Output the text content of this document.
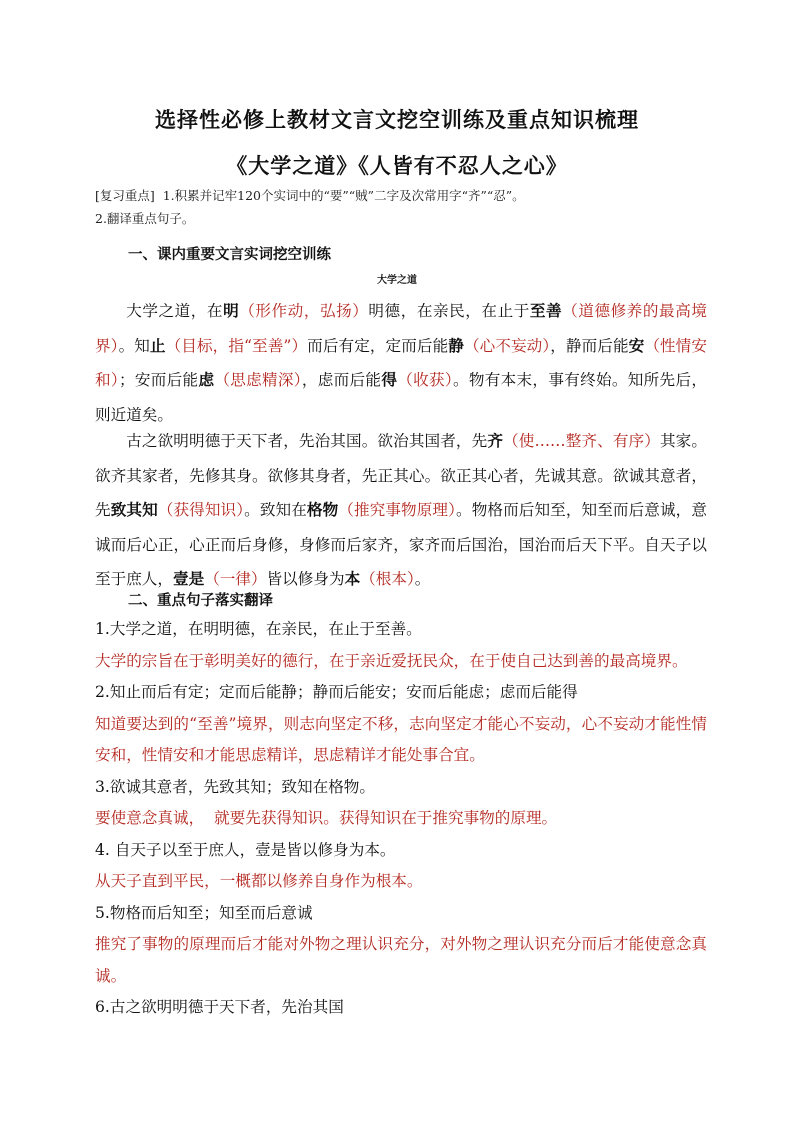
选择性必修上教材文言文挖空训练及重点知识梳理
《大学之道》《人皆有不忍人之心》
[复习重点] 1.积累并记牢120个实词中的“要”“贼”二字及次常用字“齐”“忍”。
2.翻译重点句子。
一、课内重要文言实词挖空训练
大学之道
大学之道，在明（形作动，弘扬）明德，在亲民，在止于至善（道德修养的最高境界）。知止（目标，指“至善”）而后有定，定而后能静（心不妄动），静而后能安（性情安和）；安而后能虑（思虑精深），虑而后能得（收获）。物有本末，事有终始。知所先后，则近道矣。
古之欲明明德于天下者，先治其国。欲治其国者，先齐（使……整齐、有序）其家。欲齐其家者，先修其身。欲修其身者，先正其心。欲正其心者，先诚其意。欲诚其意者，先致其知（获得知识）。致知在格物（推究事物原理）。物格而后知至，知至而后意诚，意诚而后心正，心正而后身修，身修而后家齐，家齐而后国治，国治而后天下平。自天子以至于庶人，壹是（一律）皆以修身为本（根本）。
二、重点句子落实翻译
1.大学之道，在明明德，在亲民，在止于至善。
大学的宗旨在于彰明美好的德行，在于亲近爱抚民众，在于使自己达到善的最高境界。
2.知止而后有定；定而后能静；静而后能安；安而后能虑；虑而后能得
知道要达到的“至善”境界，则志向坚定不移，志向坚定才能心不妄动，心不妄动才能性情安和，性情安和才能思虑精详，思虑精详才能处事合宜。
3.欲诚其意者，先致其知；致知在格物。
要使意念真诚，  就要先获得知识。获得知识在于推究事物的原理。
4. 自天子以至于庶人，壹是皆以修身为本。
从天子直到平民，一概都以修养自身作为根本。
5.物格而后知至；知至而后意诚
推究了事物的原理而后才能对外物之理认识充分，对外物之理认识充分而后才能使意念真诚。
6.古之欲明明德于天下者，先治其国
